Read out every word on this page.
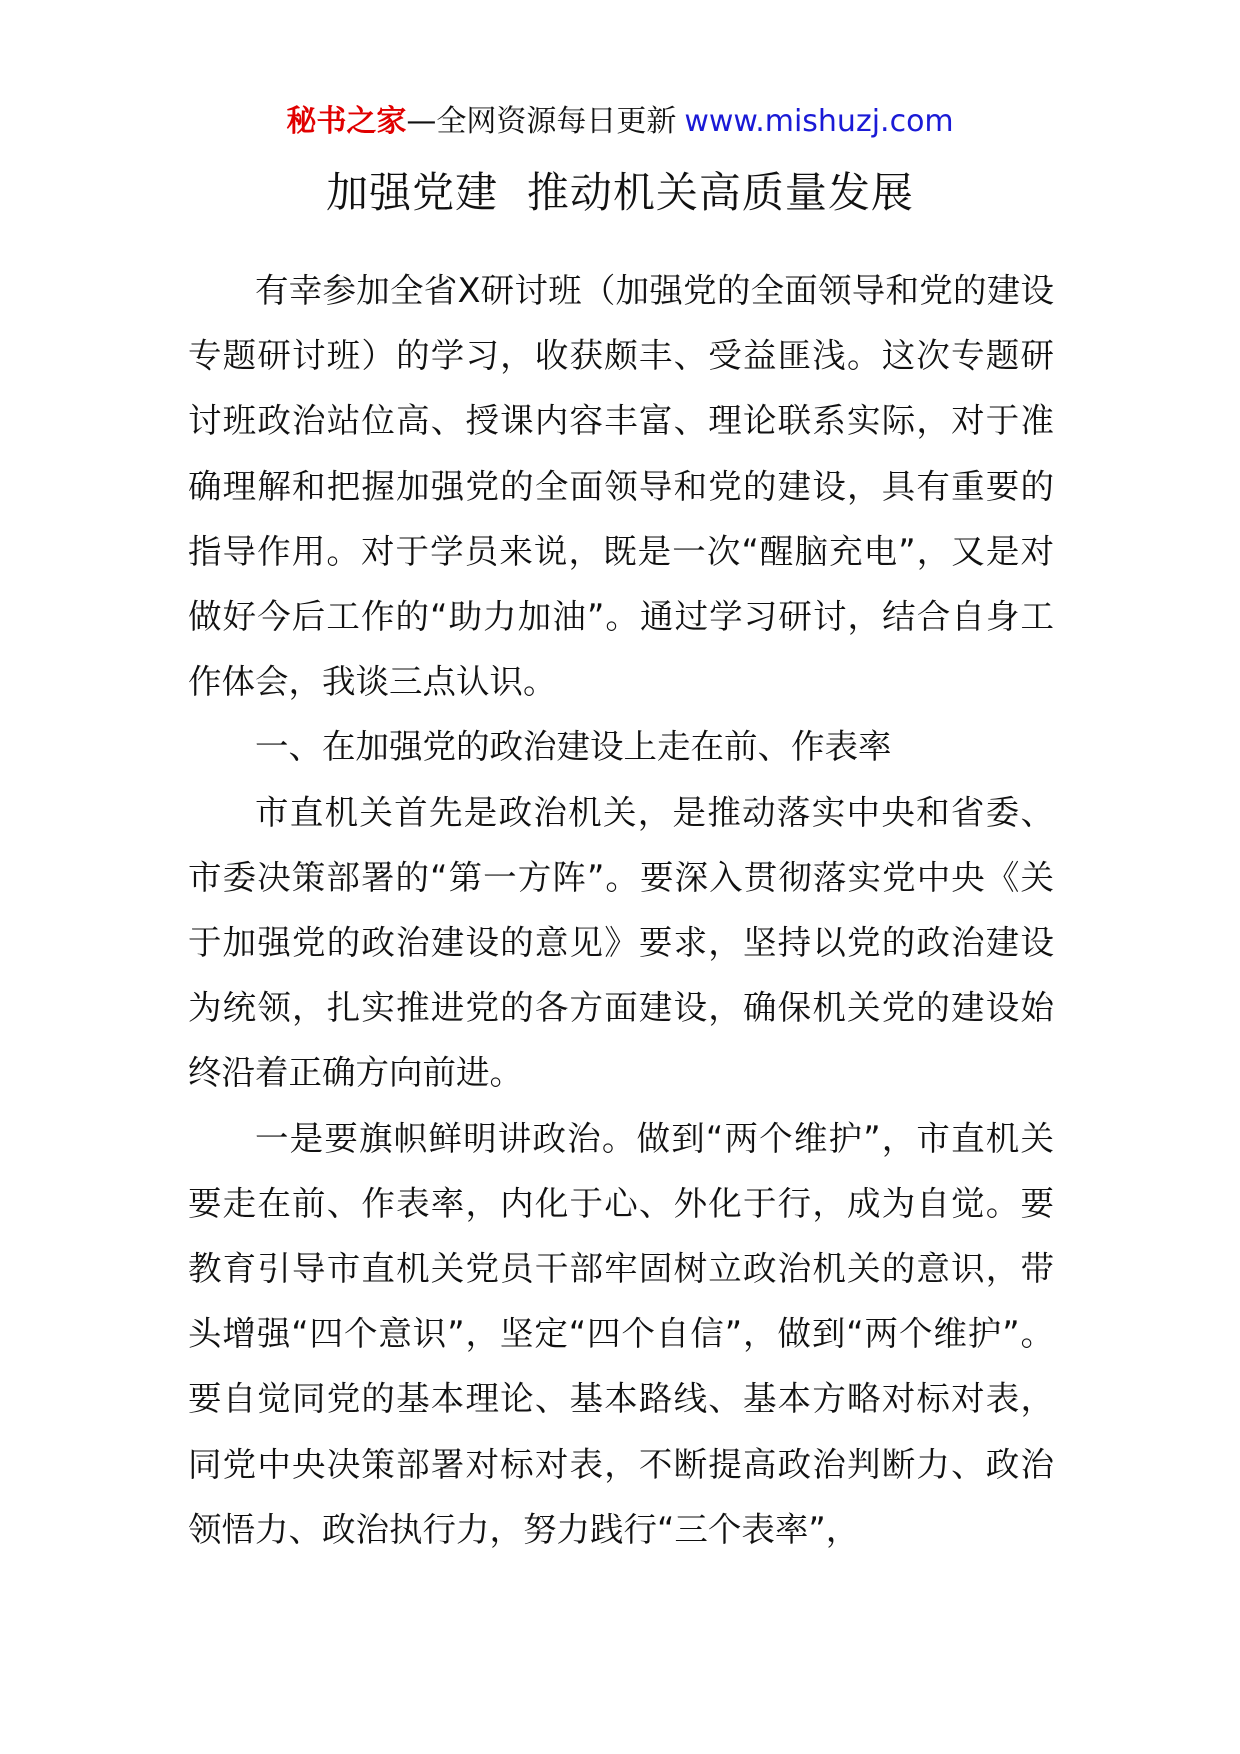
秘书之家—全网资源每日更新 www.mishuzj.com
加强党建  推动机关高质量发展

有幸参加全省X研讨班（加强党的全面领导和党的建设专题研讨班）的学习，收获颇丰、受益匪浅。这次专题研讨班政治站位高、授课内容丰富、理论联系实际，对于准确理解和把握加强党的全面领导和党的建设，具有重要的指导作用。对于学员来说，既是一次“醒脑充电”，又是对做好今后工作的“助力加油”。通过学习研讨，结合自身工作体会，我谈三点认识。

一、在加强党的政治建设上走在前、作表率

市直机关首先是政治机关，是推动落实中央和省委、市委决策部署的“第一方阵”。要深入贯彻落实党中央《关于加强党的政治建设的意见》要求，坚持以党的政治建设为统领，扎实推进党的各方面建设，确保机关党的建设始终沿着正确方向前进。

一是要旗帜鲜明讲政治。做到“两个维护”，市直机关要走在前、作表率，内化于心、外化于行，成为自觉。要教育引导市直机关党员干部牢固树立政治机关的意识，带头增强“四个意识”，坚定“四个自信”，做到“两个维护”。要自觉同党的基本理论、基本路线、基本方略对标对表，同党中央决策部署对标对表，不断提高政治判断力、政治领悟力、政治执行力，努力践行“三个表率”，
